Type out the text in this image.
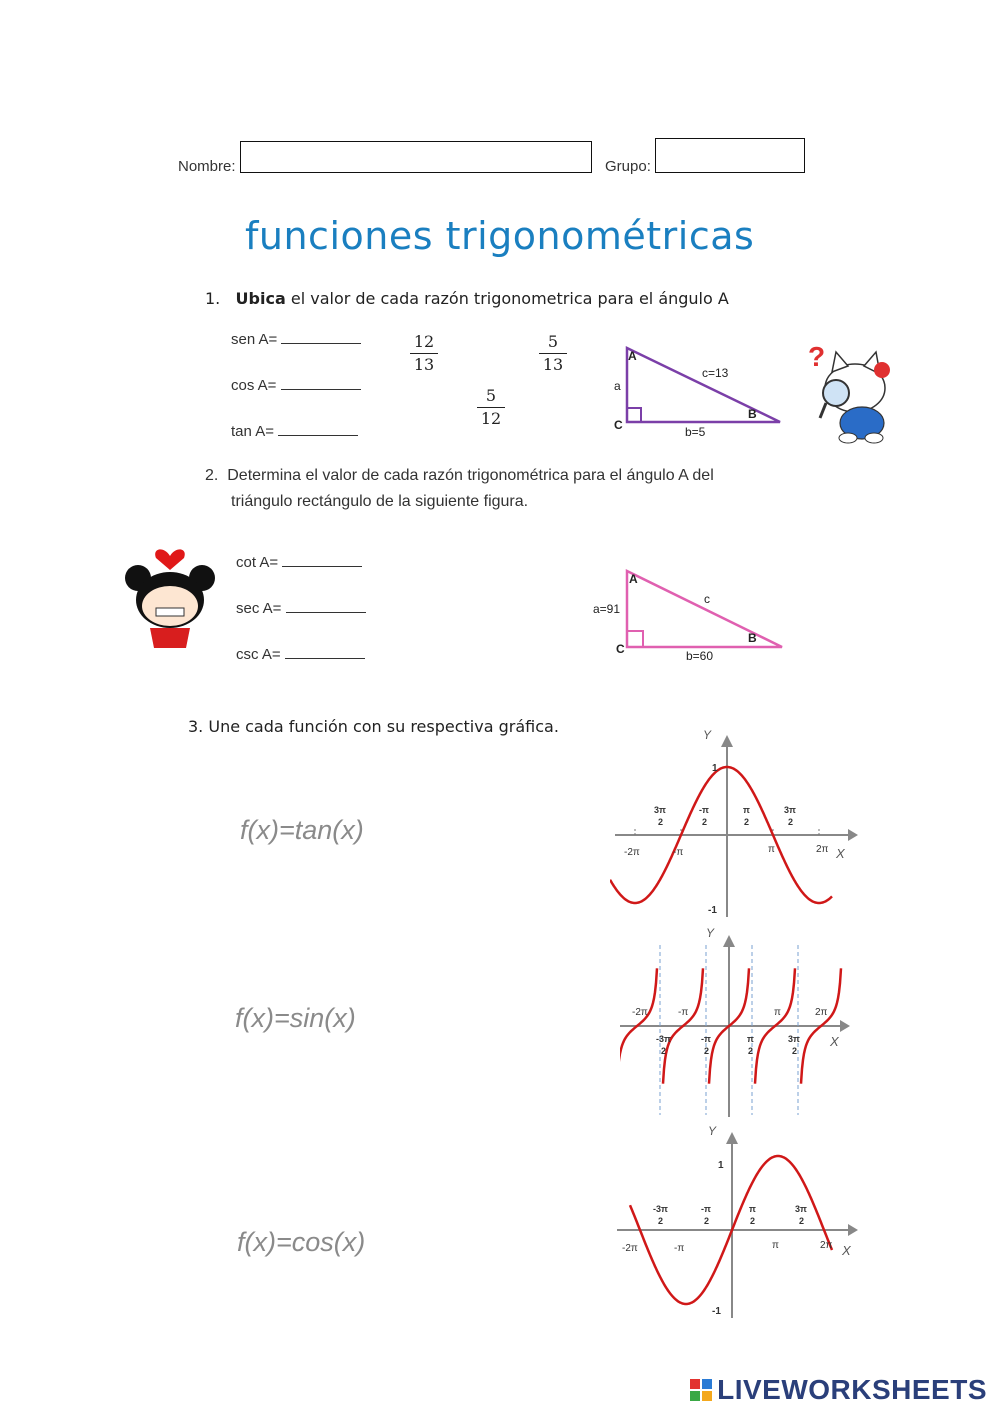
Nombre:	Grupo:
funciones trigonométricas
1. Ubica el valor de cada razón trigonometrica para el ángulo A
sen A=
cos A=
tan A=
12
13
5
13
5
12
A
B
C
a
b=5
c=13
?
2. Determina el valor de cada razón trigonométrica para el ángulo A del
triángulo rectángulo de la siguiente figura.
cot A=
sec A=
csc A=
A
B
C
a=91
b=60
c
3. Une cada función con su respectiva gráfica.
f(x)=tan(x)
f(x)=sin(x)
f(x)=cos(x)
Y
X
1
-1
-2π	-π	π	2π
3π
2
-π
2
π
2
3π
2
Y
X
-2π	-π	π	2π
-3π
2
-π
2
π
2
3π
2
Y
X
1
-1
-2π	-π	π	2π
-3π
2
-π
2
π
2
3π
2
LIVEWORKSHEETS
